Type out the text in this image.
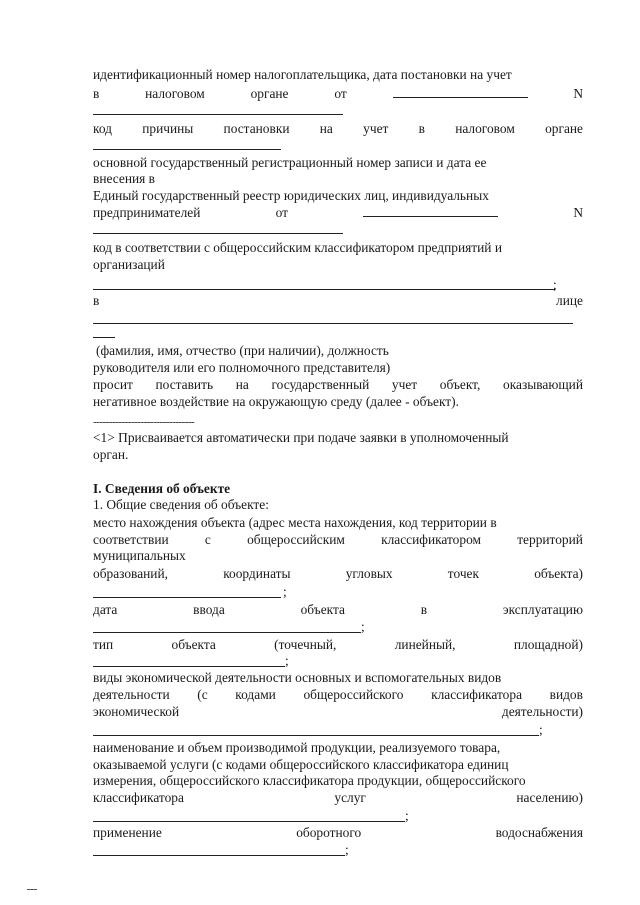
идентификационный номер налогоплательщика, дата постановки на учет
в	налоговом	органе	от	N
код причины постановки на учет в налоговом органе
основной государственный регистрационный номер записи и дата ее
внесения в
Единый государственный реестр юридических лиц, индивидуальных
предпринимателей	от	N
код в соответствии с общероссийским классификатором предприятий и
организаций
;
в	лице
(фамилия, имя, отчество (при наличии), должность
руководителя или его полномочного представителя)
просит поставить на государственный учет объект, оказывающий
негативное воздействие на окружающую среду (далее - объект).
--------------------------------
<1> Присваивается автоматически при подаче заявки в уполномоченный
орган.
I. Сведения об объекте
1. Общие сведения об объекте:
место нахождения объекта (адрес места нахождения, код территории в
соответствии	с	общероссийским	классификатором	территорий
муниципальных
образований,	координаты	угловых	точек	объекта)
;
дата	ввода	объекта	в	эксплуатацию
;
тип	объекта	(точечный,	линейный,	площадной)
;
виды экономической деятельности основных и вспомогательных видов
деятельности (с кодами общероссийского классификатора видов
экономической	деятельности)
;
наименование и объем производимой продукции, реализуемого товара,
оказываемой услуги (с кодами общероссийского классификатора единиц
измерения, общероссийского классификатора продукции, общероссийского
классификатора	услуг	населению)
;
применение	оборотного	водоснабжения
;
